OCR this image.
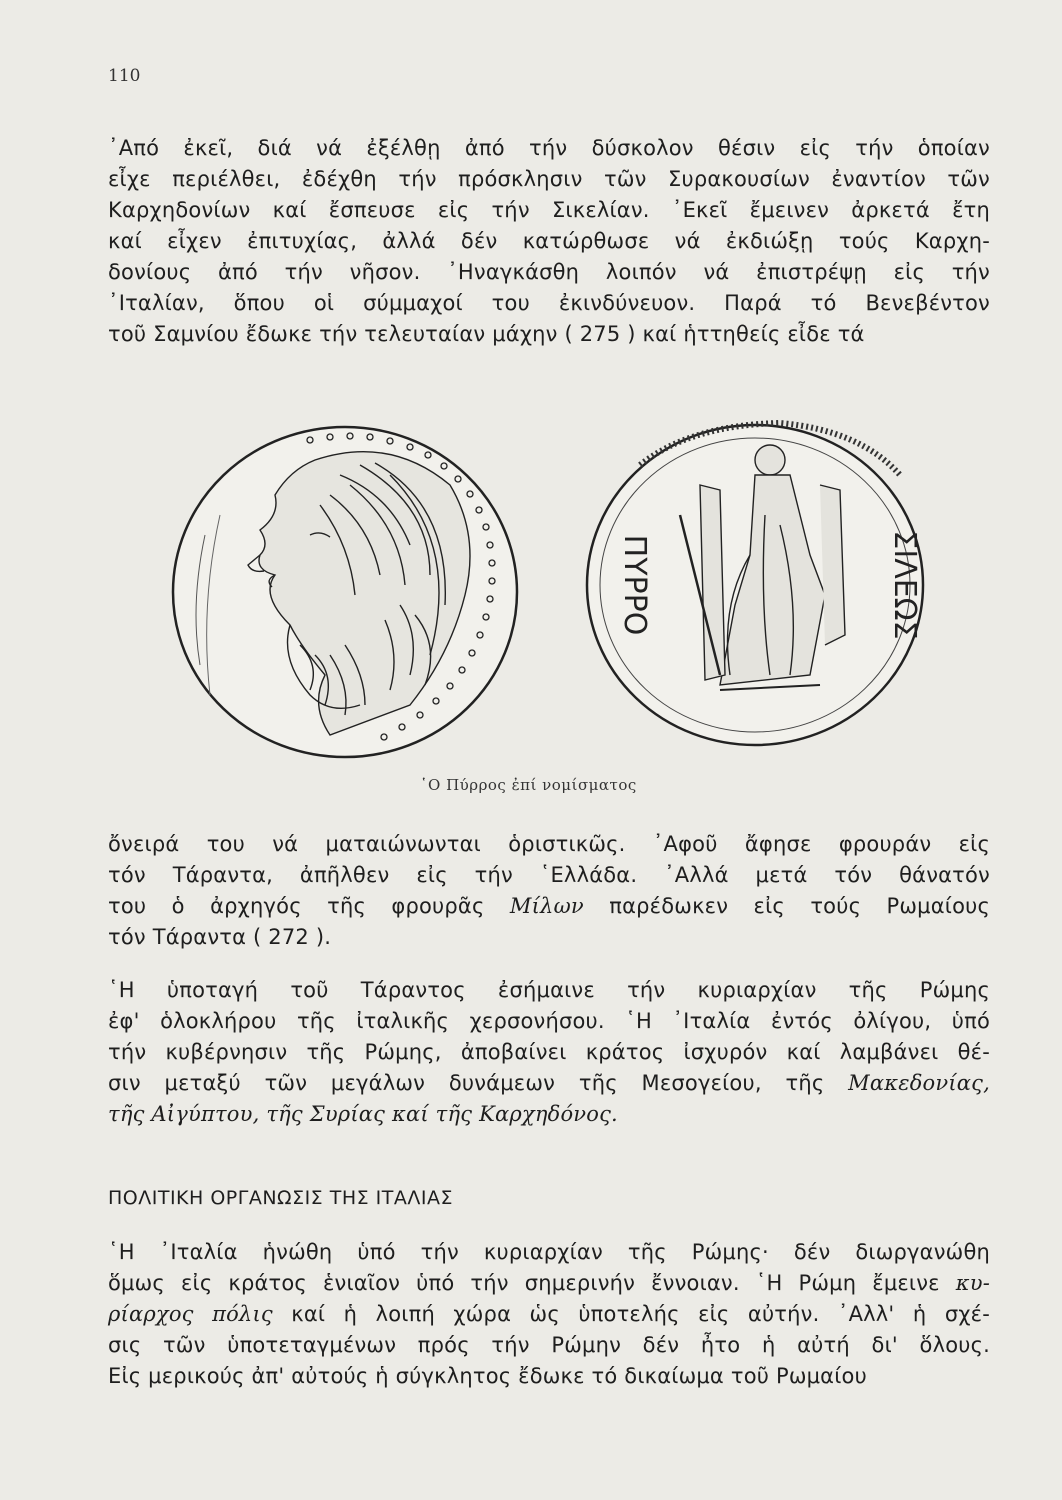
110
᾿Από ἐκεῖ, διά νά ἐξέλθῃ ἀπό τήν δύσκολον θέσιν εἰς τήν ὁποίαν
εἶχε περιέλθει, ἐδέχθη τήν πρόσκλησιν τῶν Συρακουσίων ἐναντίον τῶν
Καρχηδονίων καί ἔσπευσε εἰς τήν Σικελίαν. ᾿Εκεῖ ἔμεινεν ἀρκετά ἔτη
καί εἶχεν ἐπιτυχίας, ἀλλά δέν κατώρθωσε νά ἐκδιώξῃ τούς Καρχη-
δονίους ἀπό τήν νῆσον. ᾿Ηναγκάσθη λοιπόν νά ἐπιστρέψῃ εἰς τήν
᾿Ιταλίαν, ὅπου οἱ σύμμαχοί του ἐκινδύνευον. Παρά τό Βενεβέντον
τοῦ Σαμνίου ἔδωκε τήν τελευταίαν μάχην ( 275 ) καί ἡττηθείς εἶδε τά
ΠΥΡΡΟ	ΣΙΛΕΩΣ
῾Ο Πύρρος ἐπί νομίσματος
ὄνειρά του νά ματαιώνωνται ὁριστικῶς. ᾿Αφοῦ ἄφησε φρουράν εἰς
τόν Τάραντα, ἀπῆλθεν εἰς τήν ῾Ελλάδα. ᾿Αλλά μετά τόν θάνατόν
του ὁ ἀρχηγός τῆς φρουρᾶς Μίλων παρέδωκεν εἰς τούς Ρωμαίους
τόν Τάραντα ( 272 ).
῾Η ὑποταγή τοῦ Τάραντος ἐσήμαινε τήν κυριαρχίαν τῆς Ρώμης
ἐφ' ὁλοκλήρου τῆς ἰταλικῆς χερσονήσου. ῾Η ᾿Ιταλία ἐντός ὀλίγου, ὑπό
τήν κυβέρνησιν τῆς Ρώμης, ἀποβαίνει κράτος ἰσχυρόν καί λαμβάνει θέ-
σιν μεταξύ τῶν μεγάλων δυνάμεων τῆς Μεσογείου, τῆς Μακεδονίας,
τῆς Αἰγύπτου, τῆς Συρίας καί τῆς Καρχηδόνος.
ΠΟΛΙΤΙΚΗ ΟΡΓΑΝΩΣΙΣ ΤΗΣ ΙΤΑΛΙΑΣ
῾Η ᾿Ιταλία ἡνώθη ὑπό τήν κυριαρχίαν τῆς Ρώμης· δέν διωργανώθη
ὅμως εἰς κράτος ἑνιαῖον ὑπό τήν σημερινήν ἔννοιαν. ῾Η Ρώμη ἔμεινε κυ-
ρίαρχος πόλις καί ἡ λοιπή χώρα ὡς ὑποτελής εἰς αὐτήν. ᾿Αλλ' ἡ σχέ-
σις τῶν ὑποτεταγμένων πρός τήν Ρώμην δέν ἦτο ἡ αὐτή δι' ὅλους.
Εἰς μερικούς ἀπ' αὐτούς ἡ σύγκλητος ἔδωκε τό δικαίωμα τοῦ Ρωμαίου
